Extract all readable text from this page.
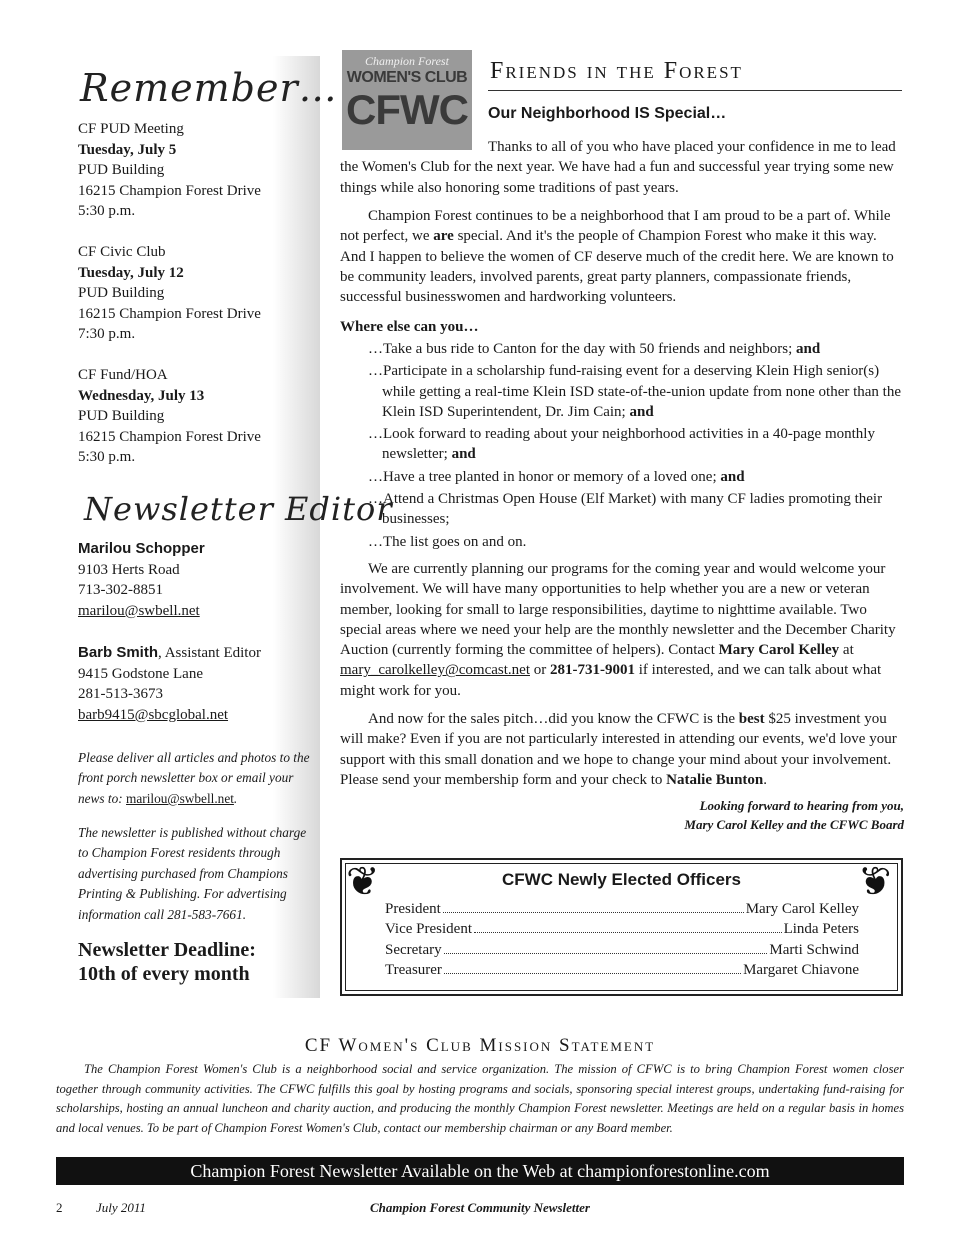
Remember…
CF PUD Meeting
Tuesday, July 5
PUD Building
16215 Champion Forest Drive
5:30 p.m.
CF Civic Club
Tuesday, July 12
PUD Building
16215 Champion Forest Drive
7:30 p.m.
CF Fund/HOA
Wednesday, July 13
PUD Building
16215 Champion Forest Drive
5:30 p.m.
Newsletter Editor
Marilou Schopper
9103 Herts Road
713-302-8851
marilou@swbell.net
Barb Smith, Assistant Editor
9415 Godstone Lane
281-513-3673
barb9415@sbcglobal.net
Please deliver all articles and photos to the front porch newsletter box or email your news to: marilou@swbell.net.
The newsletter is published without charge to Champion Forest residents through advertising purchased from Champions Printing & Publishing. For advertising information call 281-583-7661.
Newsletter Deadline:
10th of every month
Champion Forest
WOMEN'S CLUB
CFWC
Friends in the Forest
Our Neighborhood IS Special…
Thanks to all of you who have placed your confidence in me to lead the Women's Club for the next year. We have had a fun and successful year trying some new things while also honoring some traditions of past years.
Champion Forest continues to be a neighborhood that I am proud to be a part of. While not perfect, we are special. And it's the people of Champion Forest who make it this way. And I happen to believe the women of CF deserve much of the credit here. We are known to be community leaders, involved parents, great party planners, compassionate friends, successful businesswomen and hardworking volunteers.
Where else can you…
…Take a bus ride to Canton for the day with 50 friends and neighbors; and
…Participate in a scholarship fund-raising event for a deserving Klein High senior(s) while getting a real-time Klein ISD state-of-the-union update from none other than the Klein ISD Superintendent, Dr. Jim Cain; and
…Look forward to reading about your neighborhood activities in a 40-page monthly newsletter; and
…Have a tree planted in honor or memory of a loved one; and
…Attend a Christmas Open House (Elf Market) with many CF ladies promoting their businesses;
…The list goes on and on.
We are currently planning our programs for the coming year and would welcome your involvement. We will have many opportunities to help whether you are a new or veteran member, looking for small to large responsibilities, daytime to nighttime available. Two special areas where we need your help are the monthly newsletter and the December Charity Auction (currently forming the committee of helpers). Contact Mary Carol Kelley at mary_carolkelley@comcast.net or 281-731-9001 if interested, and we can talk about what might work for you.
And now for the sales pitch…did you know the CFWC is the best $25 investment you will make? Even if you are not particularly interested in attending our events, we'd love your support with this small donation and we hope to change your mind about your involvement. Please send your membership form and your check to Natalie Bunton.
Looking forward to hearing from you,
Mary Carol Kelley and the CFWC Board
❦	❦
CFWC Newly Elected Officers
President	Mary Carol Kelley
Vice President	Linda Peters
Secretary	Marti Schwind
Treasurer	Margaret Chiavone
CF Women's Club Mission Statement
The Champion Forest Women's Club is a neighborhood social and service organization. The mission of CFWC is to bring Champion Forest women closer together through community activities. The CFWC fulfills this goal by hosting programs and socials, sponsoring special interest groups, undertaking fund-raising for scholarships, hosting an annual luncheon and charity auction, and producing the monthly Champion Forest newsletter. Meetings are held on a regular basis in homes and local venues. To be part of Champion Forest Women's Club, contact our membership chairman or any Board member.
Champion Forest Newsletter Available on the Web at championforestonline.com
2	July 2011	Champion Forest Community Newsletter
